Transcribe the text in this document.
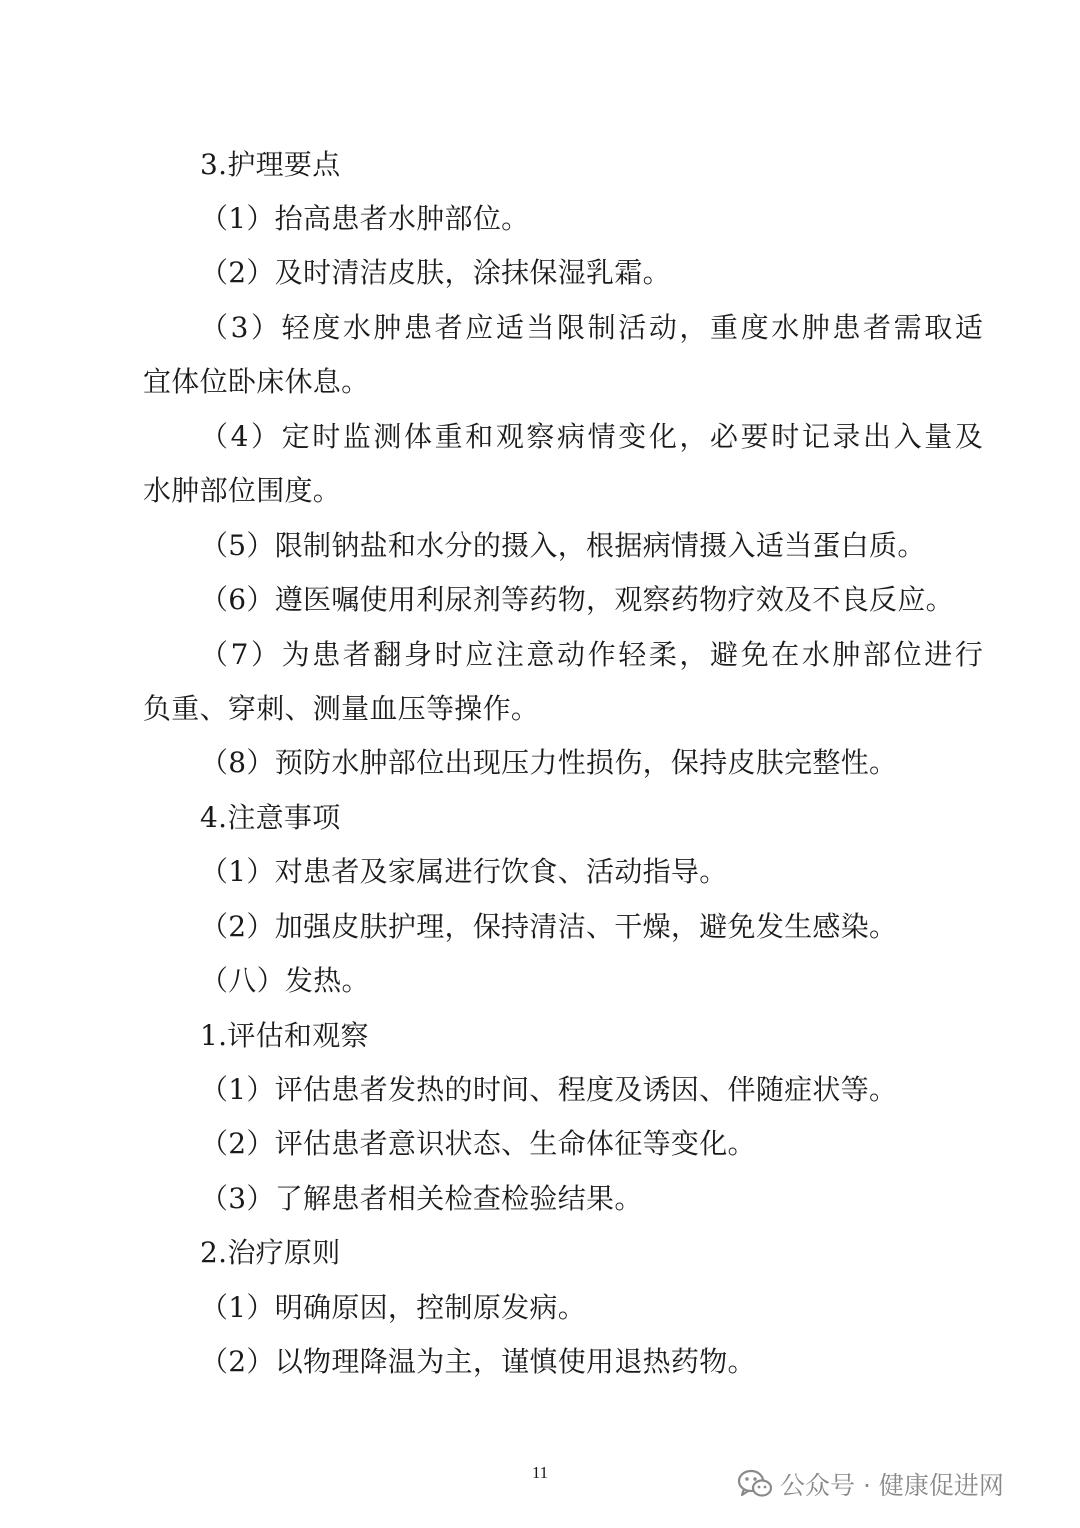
3.护理要点
（1）抬高患者水肿部位。
（2）及时清洁皮肤，涂抹保湿乳霜。
（3）轻度水肿患者应适当限制活动，重度水肿患者需取适
宜体位卧床休息。
（4）定时监测体重和观察病情变化，必要时记录出入量及
水肿部位围度。
（5）限制钠盐和水分的摄入，根据病情摄入适当蛋白质。
（6）遵医嘱使用利尿剂等药物，观察药物疗效及不良反应。
（7）为患者翻身时应注意动作轻柔，避免在水肿部位进行
负重、穿刺、测量血压等操作。
（8）预防水肿部位出现压力性损伤，保持皮肤完整性。
4.注意事项
（1）对患者及家属进行饮食、活动指导。
（2）加强皮肤护理，保持清洁、干燥，避免发生感染。
（八）发热。
1.评估和观察
（1）评估患者发热的时间、程度及诱因、伴随症状等。
（2）评估患者意识状态、生命体征等变化。
（3）了解患者相关检查检验结果。
2.治疗原则
（1）明确原因，控制原发病。
（2）以物理降温为主，谨慎使用退热药物。
11	公众号 · 健康促进网
